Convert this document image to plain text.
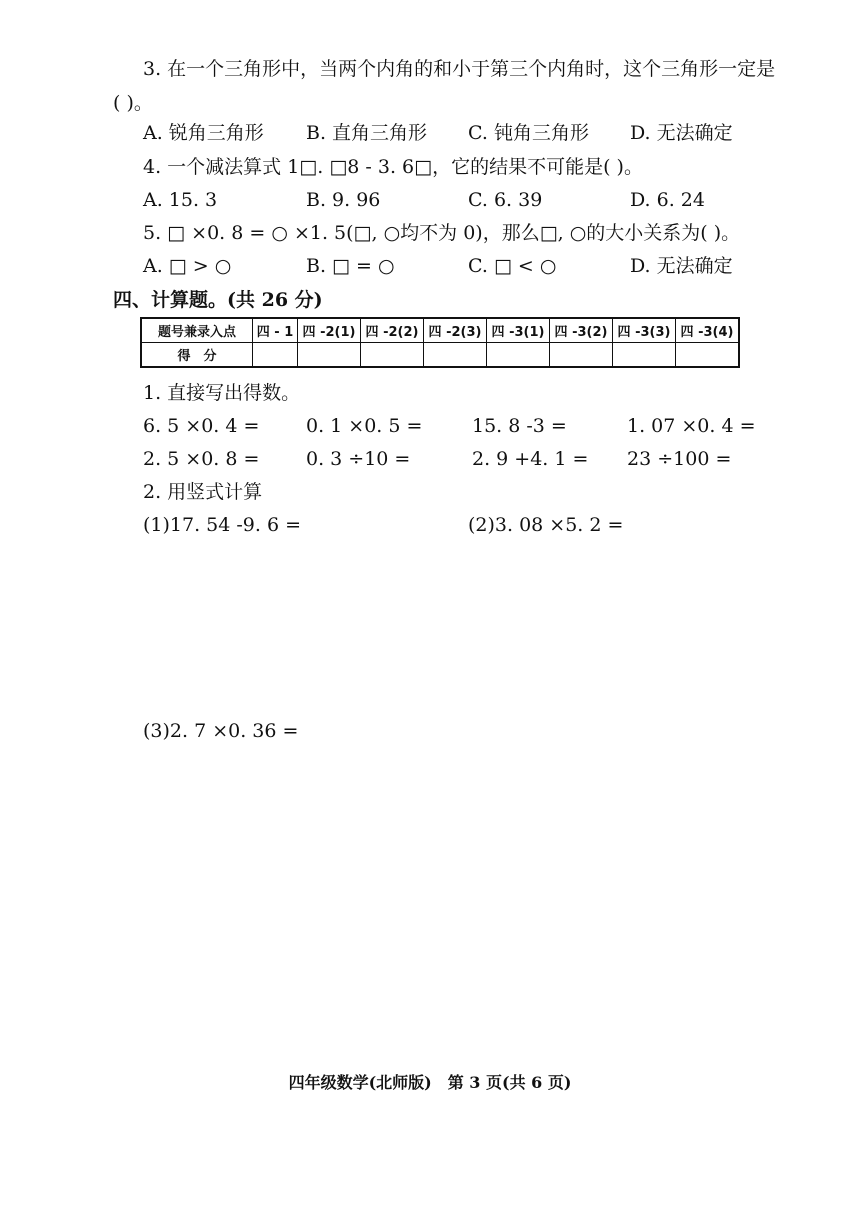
3. 在一个三角形中，当两个内角的和小于第三个内角时，这个三角形一定是
( )。
A. 锐角三角形 B. 直角三角形 C. 钝角三角形 D. 无法确定
4. 一个减法算式 1□. □8 - 3. 6□，它的结果不可能是( )。
A. 15. 3	B. 9. 96	C. 6. 39	D. 6. 24
5. □ ×0. 8 = ○ ×1. 5(□, ○均不为 0)，那么□, ○的大小关系为( )。
A. □ > ○	B. □ = ○	C. □ < ○	D. 无法确定
四、计算题。(共 26 分)
题号兼录入点	四 - 1	四 -2(1)	四 -2(2)	四 -2(3)	四 -3(1)	四 -3(2)	四 -3(3)	四 -3(4)
得　分								
1. 直接写出得数。
6. 5 ×0. 4 = 0. 1 ×0. 5 =	15. 8 -3 =	1. 07 ×0. 4 =
2. 5 ×0. 8 = 0. 3 ÷10 =	2. 9 +4. 1 = 23 ÷100 =
2. 用竖式计算
(1)17. 54 -9. 6 =	(2)3. 08 ×5. 2 =
(3)2. 7 ×0. 36 =
四年级数学(北师版)　第 3 页(共 6 页)
